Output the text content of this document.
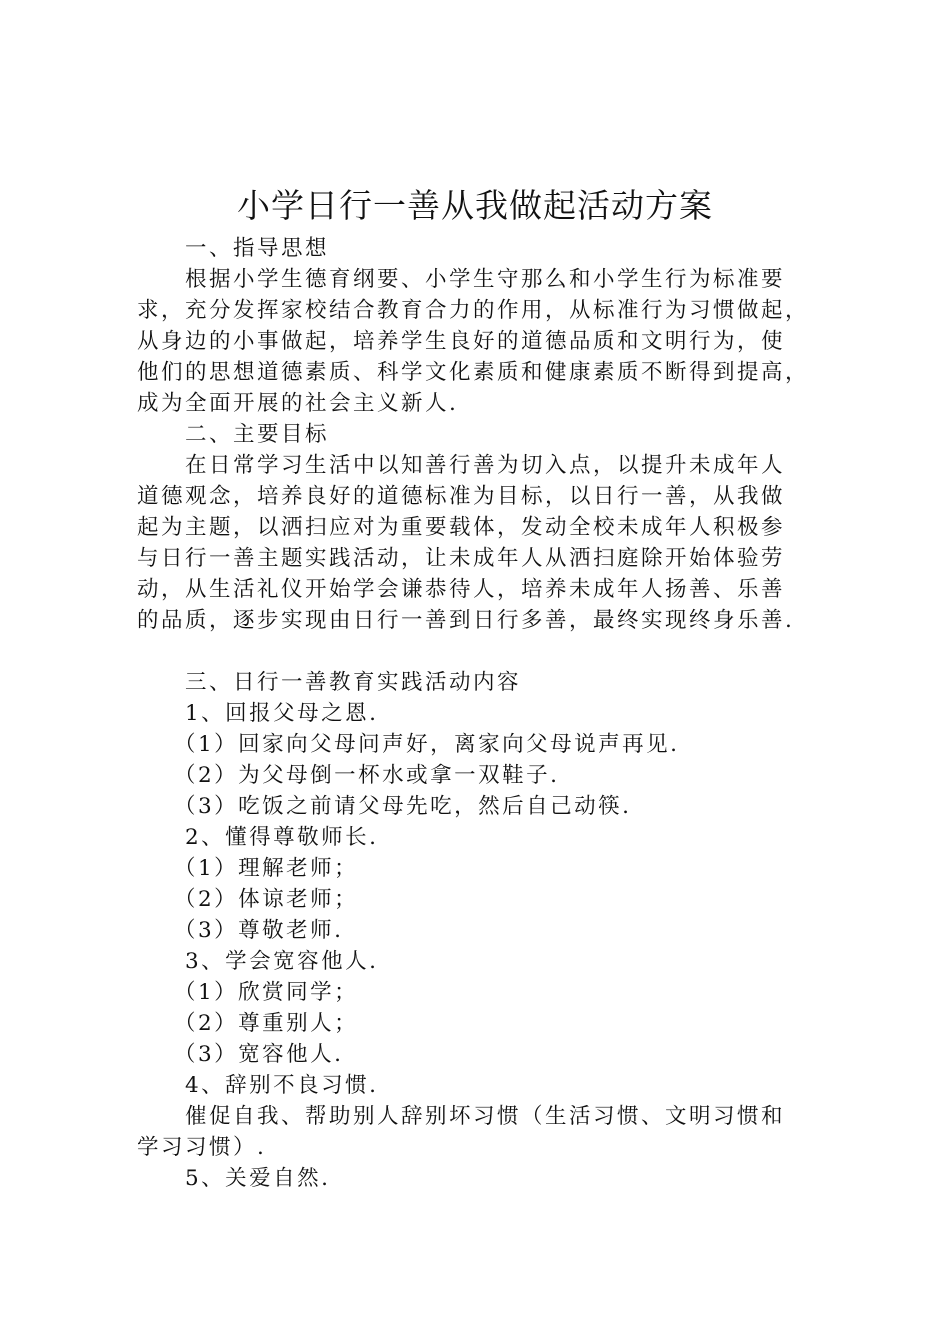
小学日行一善从我做起活动方案
一、指导思想
根据小学生德育纲要、小学生守那么和小学生行为标准要
求，充分发挥家校结合教育合力的作用，从标准行为习惯做起，
从身边的小事做起，培养学生良好的道德品质和文明行为，使
他们的思想道德素质、科学文化素质和健康素质不断得到提高，
成为全面开展的社会主义新人.
二、主要目标
在日常学习生活中以知善行善为切入点，以提升未成年人
道德观念，培养良好的道德标准为目标，以日行一善，从我做
起为主题，以洒扫应对为重要载体，发动全校未成年人积极参
与日行一善主题实践活动，让未成年人从洒扫庭除开始体验劳
动，从生活礼仪开始学会谦恭待人，培养未成年人扬善、乐善
的品质，逐步实现由日行一善到日行多善，最终实现终身乐善.
三、日行一善教育实践活动内容
1、回报父母之恩.
（1）回家向父母问声好，离家向父母说声再见.
（2）为父母倒一杯水或拿一双鞋子.
（3）吃饭之前请父母先吃，然后自己动筷.
2、懂得尊敬师长.
（1）理解老师；
（2）体谅老师；
（3）尊敬老师.
3、学会宽容他人.
（1）欣赏同学；
（2）尊重别人；
（3）宽容他人.
4、辞别不良习惯.
催促自我、帮助别人辞别坏习惯（生活习惯、文明习惯和
学习习惯）.
5、关爱自然.
